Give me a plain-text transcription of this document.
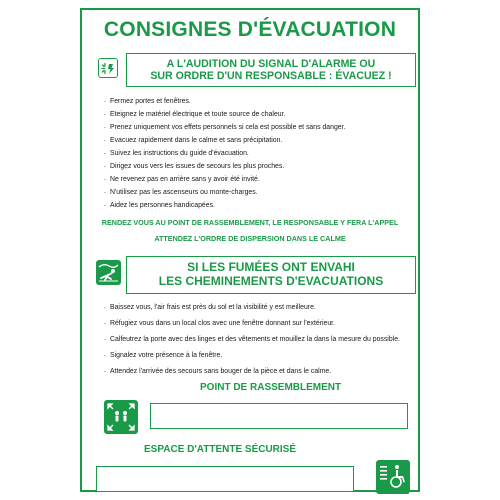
CONSIGNES D'ÉVACUATION
A L'AUDITION DU SIGNAL D'ALARME OU
SUR ORDRE D'UN RESPONSABLE : ÉVACUEZ !
. Fermez portes et fenêtres.
. Eteignez le matériel électrique et toute source de chaleur.
. Prenez uniquement vos effets personnels si cela est possible et sans danger.
. Evacuez rapidement dans le calme et sans précipitation.
. Suivez les instructions du guide d'évacuation.
. Dirigez vous vers les issues de secours les plus proches.
. Ne revenez pas en arrière sans y avoir été invité.
. N'utilisez pas les ascenseurs ou monte-charges.
. Aidez les personnes handicapées.
RENDEZ VOUS AU POINT DE RASSEMBLEMENT, LE RESPONSABLE Y FERA L'APPEL
ATTENDEZ L'ORDRE DE DISPERSION DANS LE CALME
SI LES FUMÉES ONT ENVAHI
LES CHEMINEMENTS D'EVACUATIONS
. Baissez vous, l'air frais est près du sol et la visibilité y est meilleure.
. Réfugiez vous dans un local clos avec une fenêtre donnant sur l'extérieur.
. Calfeutrez la porte avec des linges et des vêtements et mouillez la dans la mesure du possible.
. Signalez votre présence à la fenêtre.
. Attendez l'arrivée des secours sans bouger de la pièce et dans le calme.
POINT DE RASSEMBLEMENT
ESPACE D'ATTENTE SÉCURISÉ
